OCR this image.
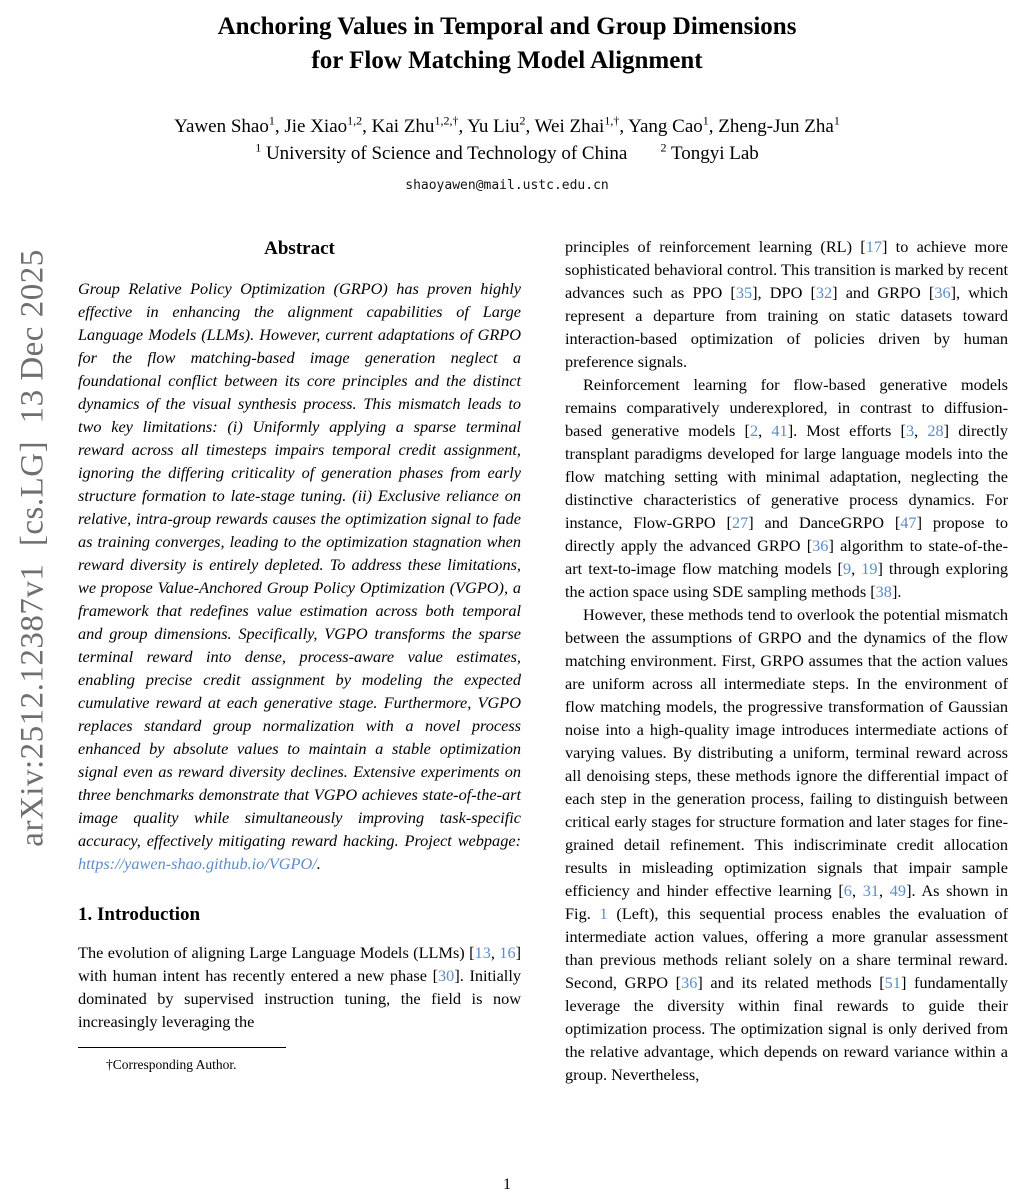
arXiv:2512.12387v1  [cs.LG]  13 Dec 2025
Anchoring Values in Temporal and Group Dimensions
for Flow Matching Model Alignment
Yawen Shao$^1$, Jie Xiao$^{1,2}$, Kai Zhu$^{1,2,\dagger}$, Yu Liu$^2$, Wei Zhai$^{1,\dagger}$, Yang Cao$^1$, Zheng-Jun Zha$^1$
$^1$ University of Science and Technology of China       $^2$ Tongyi Lab
shaoyawen@mail.ustc.edu.cn
Abstract

Group Relative Policy Optimization (GRPO) has proven highly effective in enhancing the alignment capabilities of Large Language Models (LLMs). However, current adaptations of GRPO for the flow matching-based image generation neglect a foundational conflict between its core principles and the distinct dynamics of the visual synthesis process. This mismatch leads to two key limitations: (i) Uniformly applying a sparse terminal reward across all timesteps impairs temporal credit assignment, ignoring the differing criticality of generation phases from early structure formation to late-stage tuning. (ii) Exclusive reliance on relative, intra-group rewards causes the optimization signal to fade as training converges, leading to the optimization stagnation when reward diversity is entirely depleted. To address these limitations, we propose Value-Anchored Group Policy Optimization (VGPO), a framework that redefines value estimation across both temporal and group dimensions. Specifically, VGPO transforms the sparse terminal reward into dense, process-aware value estimates, enabling precise credit assignment by modeling the expected cumulative reward at each generative stage. Furthermore, VGPO replaces standard group normalization with a novel process enhanced by absolute values to maintain a stable optimization signal even as reward diversity declines. Extensive experiments on three benchmarks demonstrate that VGPO achieves state-of-the-art image quality while simultaneously improving task-specific accuracy, effectively mitigating reward hacking. Project webpage: https://yawen-shao.github.io/VGPO/.

1. Introduction

The evolution of aligning Large Language Models (LLMs) [13, 16] with human intent has recently entered a new phase [30]. Initially dominated by supervised instruction tuning, the field is now increasingly leveraging the

†Corresponding Author.

principles of reinforcement learning (RL) [17] to achieve more sophisticated behavioral control. This transition is marked by recent advances such as PPO [35], DPO [32] and GRPO [36], which represent a departure from training on static datasets toward interaction-based optimization of policies driven by human preference signals.

Reinforcement learning for flow-based generative models remains comparatively underexplored, in contrast to diffusion-based generative models [2, 41]. Most efforts [3, 28] directly transplant paradigms developed for large language models into the flow matching setting with minimal adaptation, neglecting the distinctive characteristics of generative process dynamics. For instance, Flow-GRPO [27] and DanceGRPO [47] propose to directly apply the advanced GRPO [36] algorithm to state-of-the-art text-to-image flow matching models [9, 19] through exploring the action space using SDE sampling methods [38].

However, these methods tend to overlook the potential mismatch between the assumptions of GRPO and the dynamics of the flow matching environment. First, GRPO assumes that the action values are uniform across all intermediate steps. In the environment of flow matching models, the progressive transformation of Gaussian noise into a high-quality image introduces intermediate actions of varying values. By distributing a uniform, terminal reward across all denoising steps, these methods ignore the differential impact of each step in the generation process, failing to distinguish between critical early stages for structure formation and later stages for fine-grained detail refinement. This indiscriminate credit allocation results in misleading optimization signals that impair sample efficiency and hinder effective learning [6, 31, 49]. As shown in Fig. 1 (Left), this sequential process enables the evaluation of intermediate action values, offering a more granular assessment than previous methods reliant solely on a share terminal reward. Second, GRPO [36] and its related methods [51] fundamentally leverage the diversity within final rewards to guide their optimization process. The optimization signal is only derived from the relative advantage, which depends on reward variance within a group. Nevertheless,

1
